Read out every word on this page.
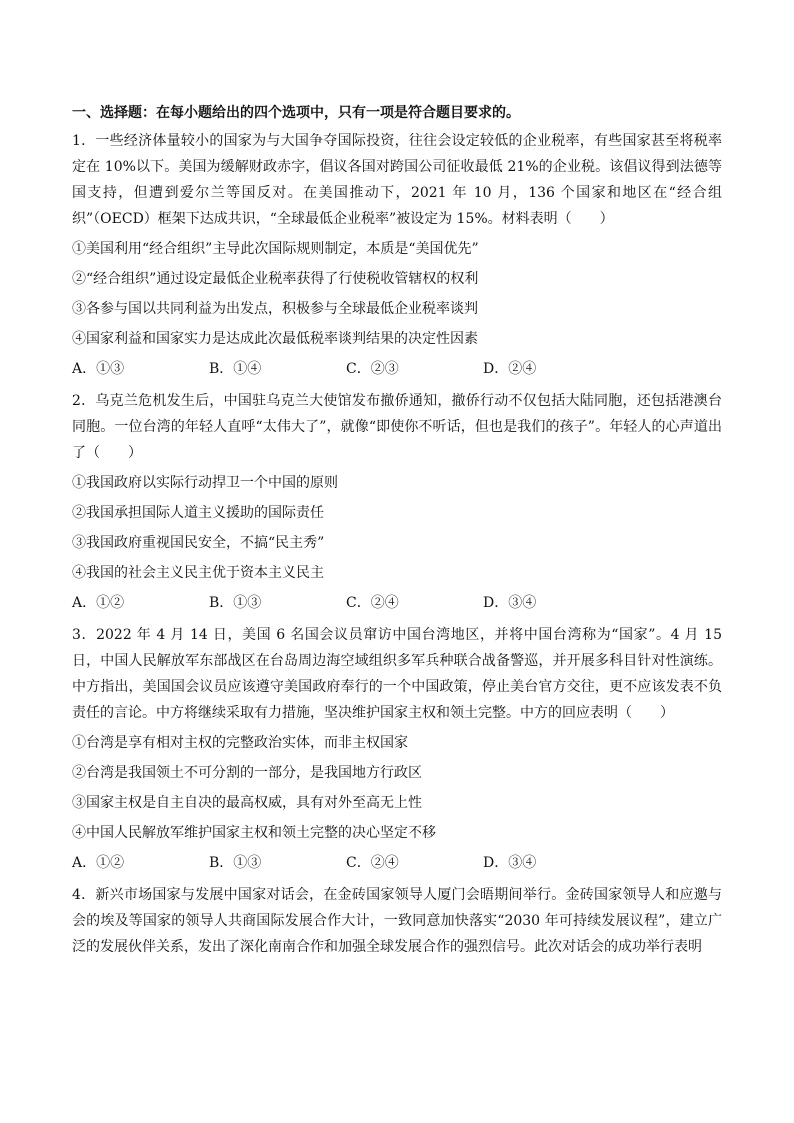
一、选择题：在每小题给出的四个选项中，只有一项是符合题目要求的。

1．一些经济体量较小的国家为与大国争夺国际投资，往往会设定较低的企业税率，有些国家甚至将税率定在 10%以下。美国为缓解财政赤字，倡议各国对跨国公司征收最低 21%的企业税。该倡议得到法德等国支持，但遭到爱尔兰等国反对。在美国推动下，2021 年 10 月，136 个国家和地区在“经合组织”（OECD）框架下达成共识，“全球最低企业税率”被设定为 15%。材料表明（　　）

①美国利用“经合组织”主导此次国际规则制定，本质是“美国优先”
②“经合组织”通过设定最低企业税率获得了行使税收管辖权的权利
③各参与国以共同利益为出发点，积极参与全球最低企业税率谈判
④国家利益和国家实力是达成此次最低税率谈判结果的决定性因素
A．①③	B．①④	C．②③	D．②④

2．乌克兰危机发生后，中国驻乌克兰大使馆发布撤侨通知，撤侨行动不仅包括大陆同胞，还包括港澳台同胞。一位台湾的年轻人直呼“太伟大了”，就像“即使你不听话，但也是我们的孩子”。年轻人的心声道出了（　　）

①我国政府以实际行动捍卫一个中国的原则
②我国承担国际人道主义援助的国际责任
③我国政府重视国民安全，不搞“民主秀”
④我国的社会主义民主优于资本主义民主
A．①②	B．①③	C．②④	D．③④

3．2022 年 4 月 14 日，美国 6 名国会议员窜访中国台湾地区，并将中国台湾称为“国家”。4 月 15 日，中国人民解放军东部战区在台岛周边海空域组织多军兵种联合战备警巡，并开展多科目针对性演练。中方指出，美国国会议员应该遵守美国政府奉行的一个中国政策，停止美台官方交往，更不应该发表不负责任的言论。中方将继续采取有力措施，坚决维护国家主权和领土完整。中方的回应表明（　　）

①台湾是享有相对主权的完整政治实体，而非主权国家
②台湾是我国领土不可分割的一部分，是我国地方行政区
③国家主权是自主自决的最高权威，具有对外至高无上性
④中国人民解放军维护国家主权和领土完整的决心坚定不移
A．①②	B．①③	C．②④	D．③④

4．新兴市场国家与发展中国家对话会，在金砖国家领导人厦门会晤期间举行。金砖国家领导人和应邀与会的埃及等国家的领导人共商国际发展合作大计，一致同意加快落实“2030 年可持续发展议程”，建立广泛的发展伙伴关系，发出了深化南南合作和加强全球发展合作的强烈信号。此次对话会的成功举行表明
